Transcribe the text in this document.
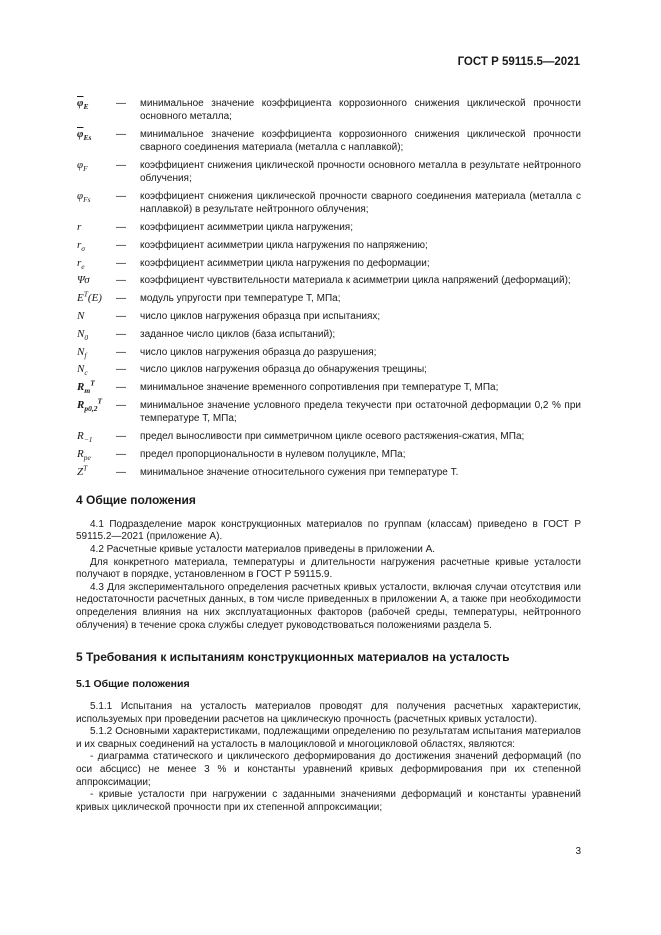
ГОСТ Р 59115.5—2021
$\overline{\varphi}_E$	—	минимальное значение коэффициента коррозионного снижения циклической прочности основного металла;
$\overline{\varphi}_{Es}$	—	минимальное значение коэффициента коррозионного снижения циклической прочности сварного соединения материала (металла с наплавкой);
$\varphi_F$	—	коэффициент снижения циклической прочности основного металла в результате нейтронного облучения;
$\varphi_{Fs}$	—	коэффициент снижения циклической прочности сварного соединения материала (металла с наплавкой) в результате нейтронного облучения;
r	—	коэффициент асимметрии цикла нагружения;
$r_\sigma$	—	коэффициент асимметрии цикла нагружения по напряжению;
$r_e$	—	коэффициент асимметрии цикла нагружения по деформации;
Ψσ	—	коэффициент чувствительности материала к асимметрии цикла напряжений (деформаций);
$E^T(E)$	—	модуль упругости при температуре T, МПа;
N	—	число циклов нагружения образца при испытаниях;
$N_0$	—	заданное число циклов (база испытаний);
$N_f$	—	число циклов нагружения образца до разрушения;
$N_c$	—	число циклов нагружения образца до обнаружения трещины;
$R_m^T$	—	минимальное значение временного сопротивления при температуре T, МПа;
$R_{p0,2}^T$	—	минимальное значение условного предела текучести при остаточной деформации 0,2 % при температуре T, МПа;
$R_{-1}$	—	предел выносливости при симметричном цикле осевого растяжения-сжатия, МПа;
$R_{pe}$	—	предел пропорциональности в нулевом полуцикле, МПа;
$Z^T$	—	минимальное значение относительного сужения при температуре T.
4 Общие положения

4.1 Подразделение марок конструкционных материалов по группам (классам) приведено в ГОСТ Р 59115.2—2021 (приложение А).

4.2 Расчетные кривые усталости материалов приведены в приложении А.

Для конкретного материала, температуры и длительности нагружения расчетные кривые усталости получают в порядке, установленном в ГОСТ Р 59115.9.

4.3 Для экспериментального определения расчетных кривых усталости, включая случаи отсутствия или недостаточности расчетных данных, в том числе приведенных в приложении А, а также при необходимости определения влияния на них эксплуатационных факторов (рабочей среды, температуры, нейтронного облучения) в течение срока службы следует руководствоваться положениями раздела 5.

5 Требования к испытаниям конструкционных материалов на усталость
5.1 Общие положения

5.1.1 Испытания на усталость материалов проводят для получения расчетных характеристик, используемых при проведении расчетов на циклическую прочность (расчетных кривых усталости).

5.1.2 Основными характеристиками, подлежащими определению по результатам испытания материалов и их сварных соединений на усталость в малоцикловой и многоцикловой областях, являются:

- диаграмма статического и циклического деформирования до достижения значений деформаций (по оси абсцисс) не менее 3 % и константы уравнений кривых деформирования при их степенной аппроксимации;

- кривые усталости при нагружении с заданными значениями деформаций и константы уравнений кривых циклической прочности при их степенной аппроксимации;

3
